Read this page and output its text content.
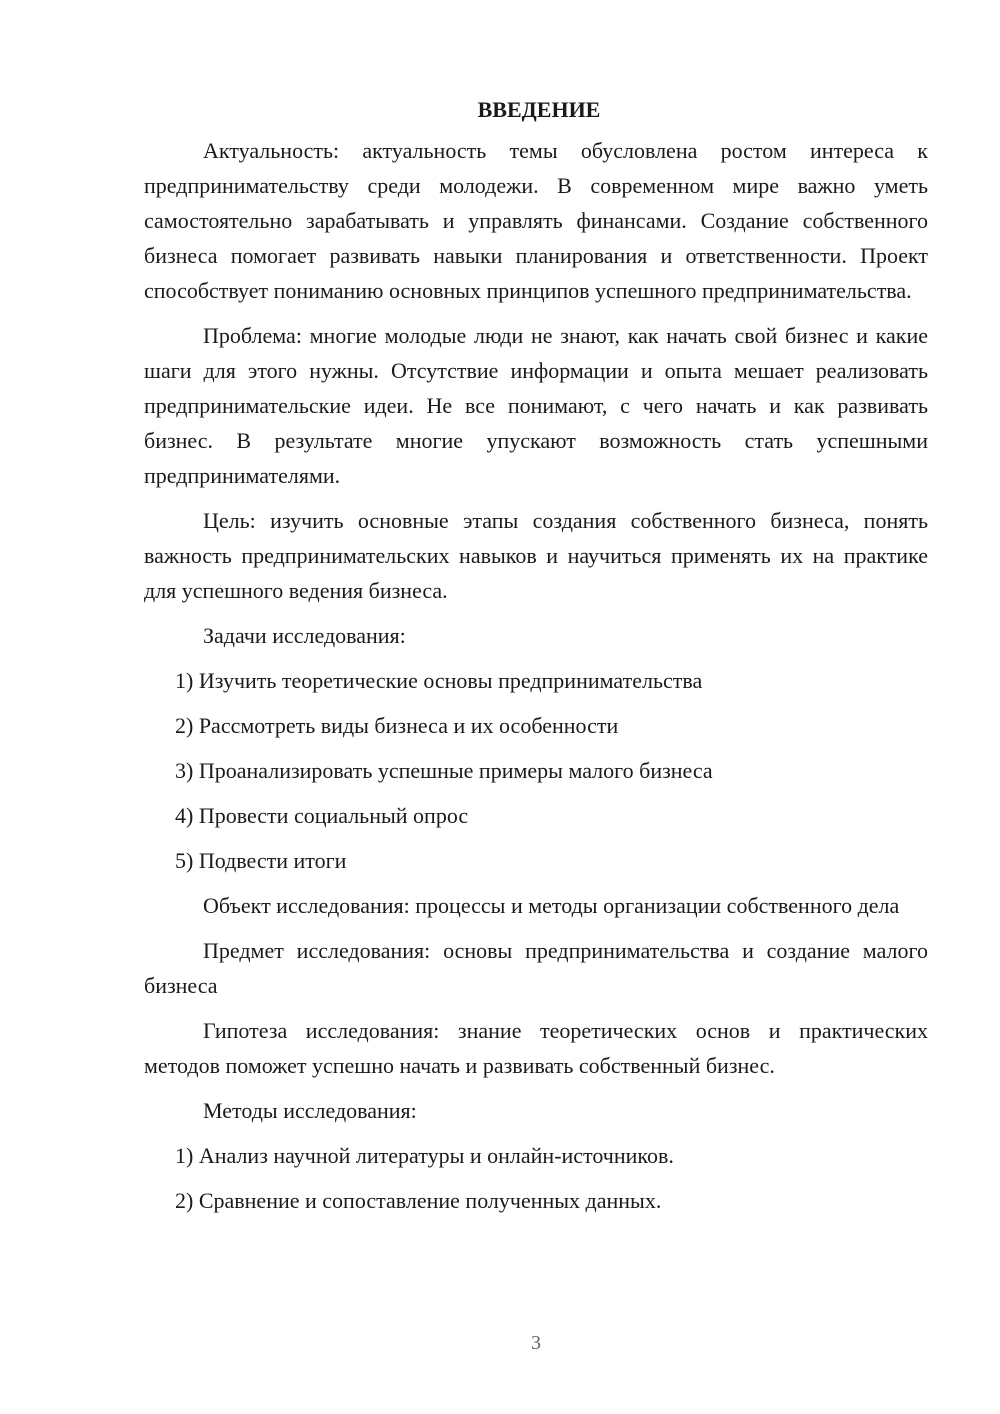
ВВЕДЕНИЕ

Актуальность: актуальность темы обусловлена ростом интереса к предпринимательству среди молодежи. В современном мире важно уметь самостоятельно зарабатывать и управлять финансами. Создание собственного бизнеса помогает развивать навыки планирования и ответственности. Проект способствует пониманию основных принципов успешного предпринимательства.

Проблема: многие молодые люди не знают, как начать свой бизнес и какие шаги для этого нужны. Отсутствие информации и опыта мешает реализовать предпринимательские идеи. Не все понимают, с чего начать и как развивать бизнес. В результате многие упускают возможность стать успешными предпринимателями.

Цель: изучить основные этапы создания собственного бизнеса, понять важность предпринимательских навыков и научиться применять их на практике для успешного ведения бизнеса.

Задачи исследования:

1) Изучить теоретические основы предпринимательства
2) Рассмотреть виды бизнеса и их особенности
3) Проанализировать успешные примеры малого бизнеса
4) Провести социальный опрос
5) Подвести итоги

Объект исследования: процессы и методы организации собственного дела

Предмет исследования: основы предпринимательства и создание малого бизнеса

Гипотеза исследования: знание теоретических основ и практических методов поможет успешно начать и развивать собственный бизнес.

Методы исследования:

1) Анализ научной литературы и онлайн-источников.
2) Сравнение и сопоставление полученных данных.
3
